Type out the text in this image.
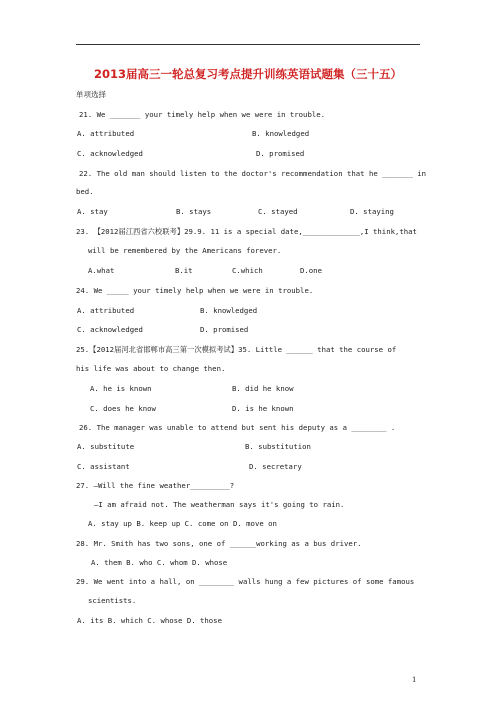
2013届高三一轮总复习考点提升训练英语试题集（三十五）
单项选择
21. We _______ your timely help when we were in trouble.
A. attributed	B. knowledged
C. acknowledged	D. promised
22. The old man should listen to the doctor's recommendation that he _______ in
bed.
A. stay	B. stays	C. stayed	D. staying
23. 【2012届江西省六校联考】29.9. 11 is a special date,_____________,I think,that
will be remembered by the Americans forever.
A.what	B.it	C.which	D.one
24. We _____ your timely help when we were in trouble.
A. attributed	B. knowledged
C. acknowledged	D. promised
25.【2012届河北省邯郸市高三第一次模拟考试】35. Little ______ that the course of
his life was about to change then.
A. he is known	B. did he know
C. does he know	D. is he known
26. The manager was unable to attend but sent his deputy as a ________ .
A. substitute	B. substitution
C. assistant	D. secretary
27. —Will the fine weather_________?
—I am afraid not. The weatherman says it's going to rain.
A. stay up B. keep up C. come on D. move on
28. Mr. Smith has two sons, one of ______working as a bus driver.
A. them B. who C. whom D. whose
29. We went into a hall, on ________ walls hung a few pictures of some famous
scientists.
A. its B. which C. whose D. those
1
